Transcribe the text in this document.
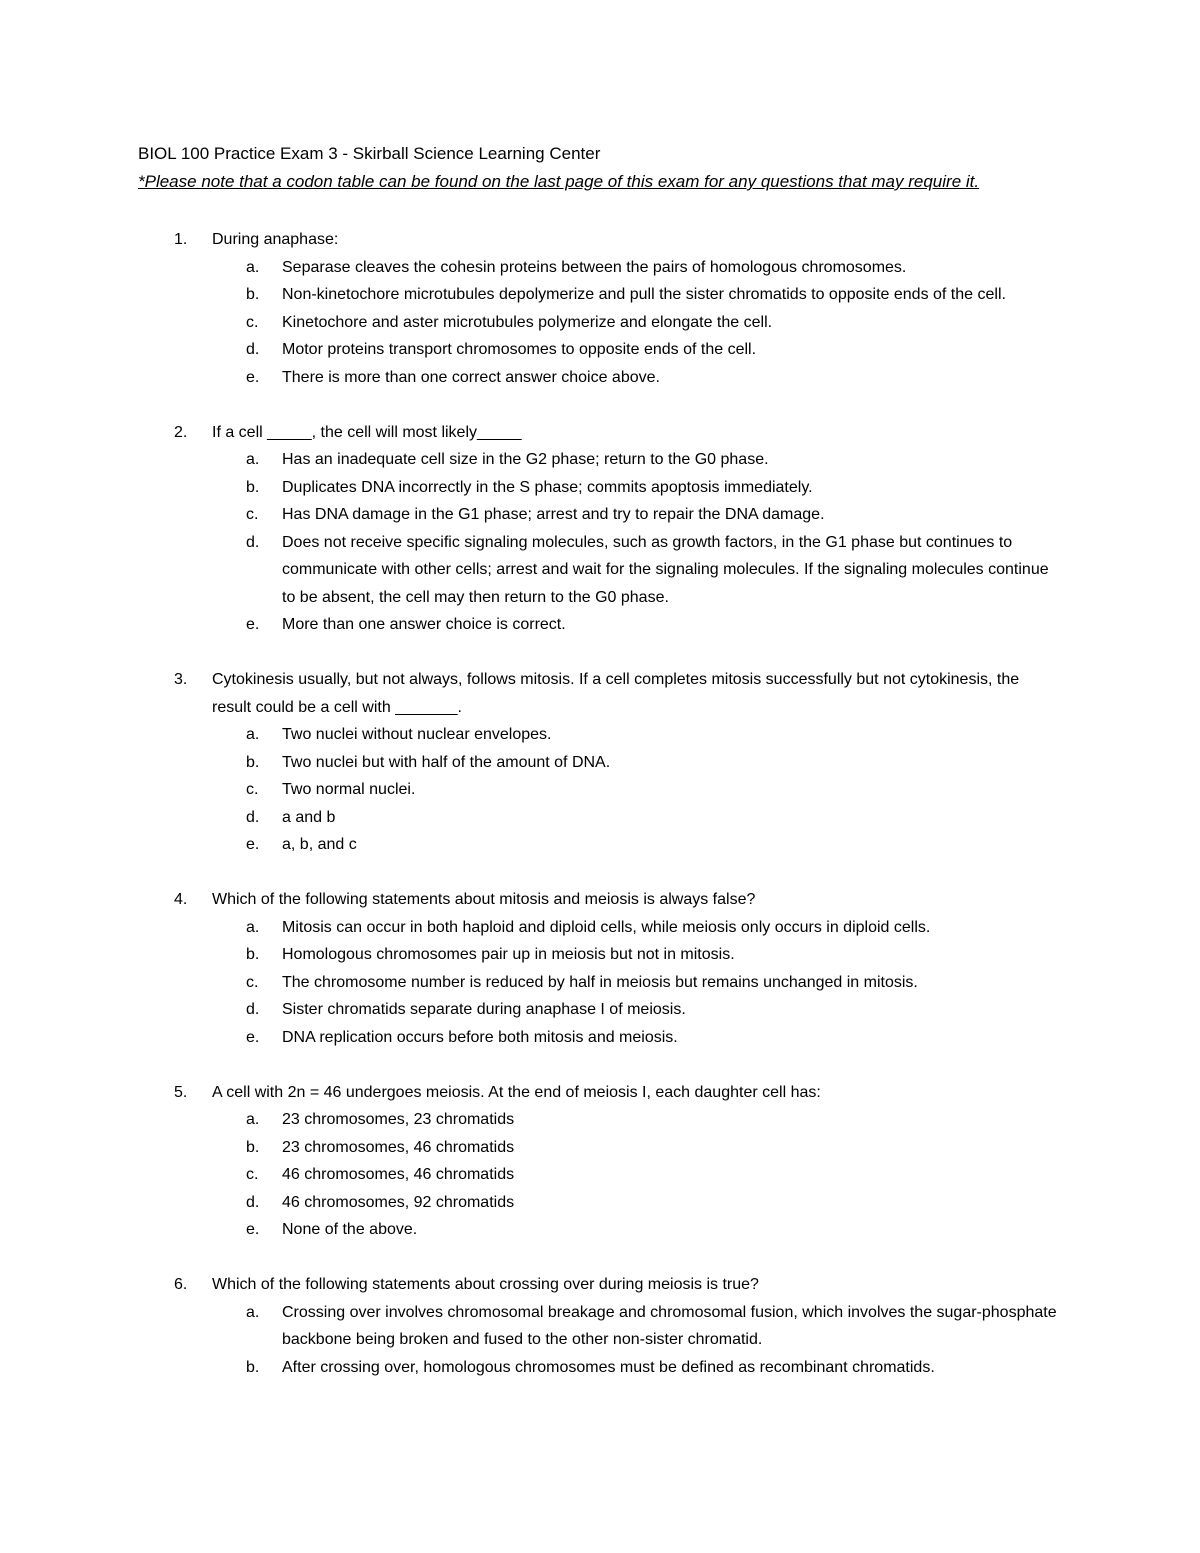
BIOL 100 Practice Exam 3 - Skirball Science Learning Center
*Please note that a codon table can be found on the last page of this exam for any questions that may require it.
1.	During anaphase:
a.	Separase cleaves the cohesin proteins between the pairs of homologous chromosomes.
b.	Non-kinetochore microtubules depolymerize and pull the sister chromatids to opposite ends of the cell.
c.	Kinetochore and aster microtubules polymerize and elongate the cell.
d.	Motor proteins transport chromosomes to opposite ends of the cell.
e.	There is more than one correct answer choice above.
2.	If a cell _____, the cell will most likely_____
a.	Has an inadequate cell size in the G2 phase; return to the G0 phase.
b.	Duplicates DNA incorrectly in the S phase; commits apoptosis immediately.
c.	Has DNA damage in the G1 phase; arrest and try to repair the DNA damage.
d.	Does not receive specific signaling molecules, such as growth factors, in the G1 phase but continues to communicate with other cells; arrest and wait for the signaling molecules. If the signaling molecules continue to be absent, the cell may then return to the G0 phase.
e.	More than one answer choice is correct.
3.	Cytokinesis usually, but not always, follows mitosis. If a cell completes mitosis successfully but not cytokinesis, the result could be a cell with _______.
a.	Two nuclei without nuclear envelopes.
b.	Two nuclei but with half of the amount of DNA.
c.	Two normal nuclei.
d.	a and b
e.	a, b, and c
4.	Which of the following statements about mitosis and meiosis is always false?
a.	Mitosis can occur in both haploid and diploid cells, while meiosis only occurs in diploid cells.
b.	Homologous chromosomes pair up in meiosis but not in mitosis.
c.	The chromosome number is reduced by half in meiosis but remains unchanged in mitosis.
d.	Sister chromatids separate during anaphase I of meiosis.
e.	DNA replication occurs before both mitosis and meiosis.
5.	A cell with 2n = 46 undergoes meiosis. At the end of meiosis I, each daughter cell has:
a.	23 chromosomes, 23 chromatids
b.	23 chromosomes, 46 chromatids
c.	46 chromosomes, 46 chromatids
d.	46 chromosomes, 92 chromatids
e.	None of the above.
6.	Which of the following statements about crossing over during meiosis is true?
a.	Crossing over involves chromosomal breakage and chromosomal fusion, which involves the sugar-phosphate backbone being broken and fused to the other non-sister chromatid.
b.	After crossing over, homologous chromosomes must be defined as recombinant chromatids.
